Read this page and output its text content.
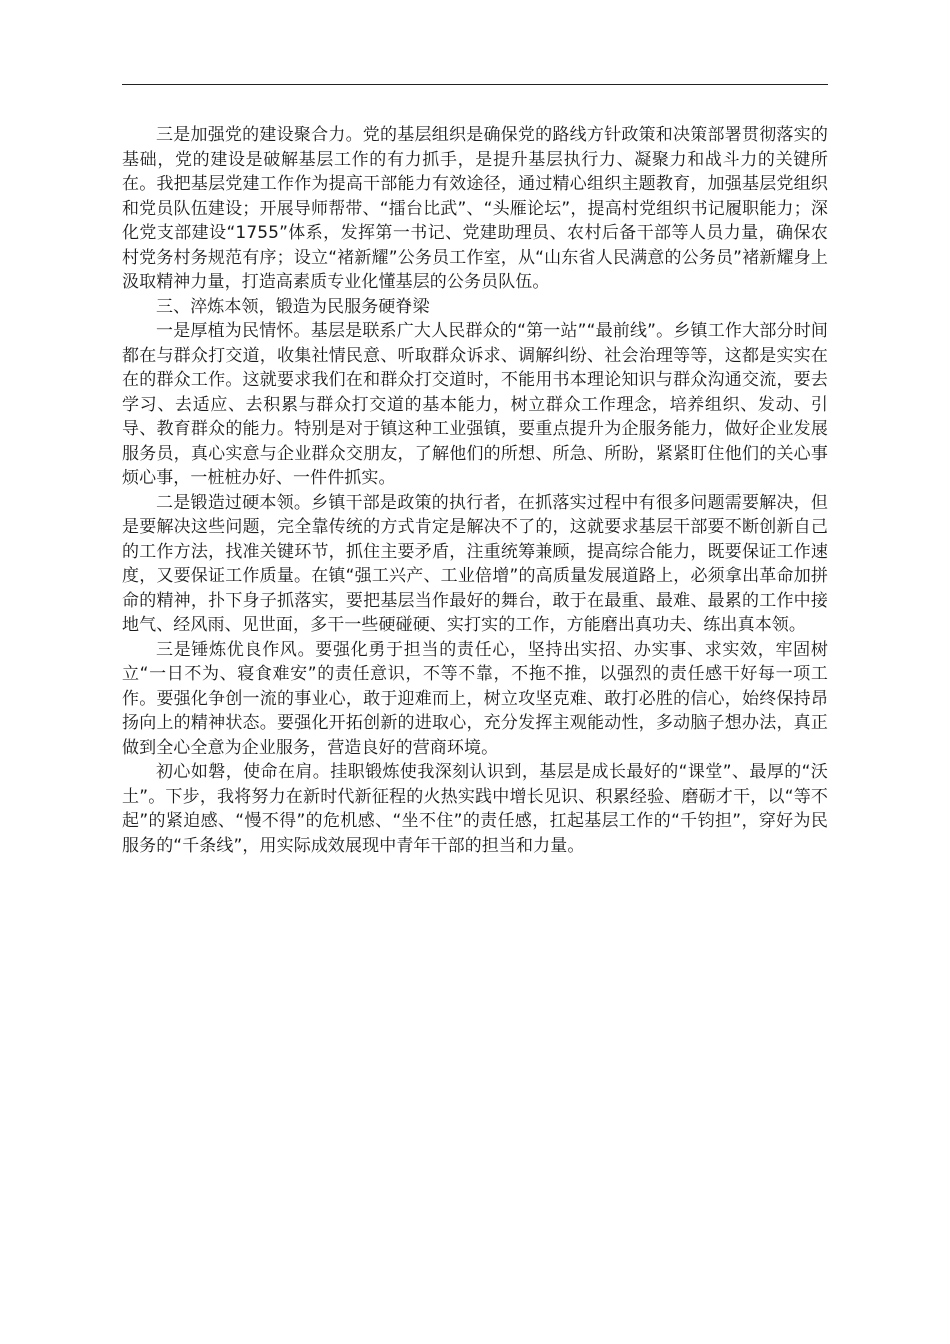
三是加强党的建设聚合力。党的基层组织是确保党的路线方针政策和决策部署贯彻落实的基础，党的建设是破解基层工作的有力抓手，是提升基层执行力、凝聚力和战斗力的关键所在。我把基层党建工作作为提高干部能力有效途径，通过精心组织主题教育，加强基层党组织和党员队伍建设；开展导师帮带、“擂台比武”、“头雁论坛”，提高村党组织书记履职能力；深化党支部建设“1755”体系，发挥第一书记、党建助理员、农村后备干部等人员力量，确保农村党务村务规范有序；设立“褚新耀”公务员工作室，从“山东省人民满意的公务员”褚新耀身上汲取精神力量，打造高素质专业化懂基层的公务员队伍。

三、淬炼本领，锻造为民服务硬脊梁

一是厚植为民情怀。基层是联系广大人民群众的“第一站”“最前线”。乡镇工作大部分时间都在与群众打交道，收集社情民意、听取群众诉求、调解纠纷、社会治理等等，这都是实实在在的群众工作。这就要求我们在和群众打交道时，不能用书本理论知识与群众沟通交流，要去学习、去适应、去积累与群众打交道的基本能力，树立群众工作理念，培养组织、发动、引导、教育群众的能力。特别是对于镇这种工业强镇，要重点提升为企服务能力，做好企业发展服务员，真心实意与企业群众交朋友，了解他们的所想、所急、所盼，紧紧盯住他们的关心事烦心事，一桩桩办好、一件件抓实。

二是锻造过硬本领。乡镇干部是政策的执行者，在抓落实过程中有很多问题需要解决，但是要解决这些问题，完全靠传统的方式肯定是解决不了的，这就要求基层干部要不断创新自己的工作方法，找准关键环节，抓住主要矛盾，注重统筹兼顾，提高综合能力，既要保证工作速度，又要保证工作质量。在镇“强工兴产、工业倍增”的高质量发展道路上，必须拿出革命加拼命的精神，扑下身子抓落实，要把基层当作最好的舞台，敢于在最重、最难、最累的工作中接地气、经风雨、见世面，多干一些硬碰硬、实打实的工作，方能磨出真功夫、练出真本领。

三是锤炼优良作风。要强化勇于担当的责任心，坚持出实招、办实事、求实效，牢固树立“一日不为、寝食难安”的责任意识，不等不靠，不拖不推，以强烈的责任感干好每一项工作。要强化争创一流的事业心，敢于迎难而上，树立攻坚克难、敢打必胜的信心，始终保持昂扬向上的精神状态。要强化开拓创新的进取心，充分发挥主观能动性，多动脑子想办法，真正做到全心全意为企业服务，营造良好的营商环境。

初心如磐，使命在肩。挂职锻炼使我深刻认识到，基层是成长最好的“课堂”、最厚的“沃土”。下步，我将努力在新时代新征程的火热实践中增长见识、积累经验、磨砺才干，以“等不起”的紧迫感、“慢不得”的危机感、“坐不住”的责任感，扛起基层工作的“千钧担”，穿好为民服务的“千条线”，用实际成效展现中青年干部的担当和力量。
